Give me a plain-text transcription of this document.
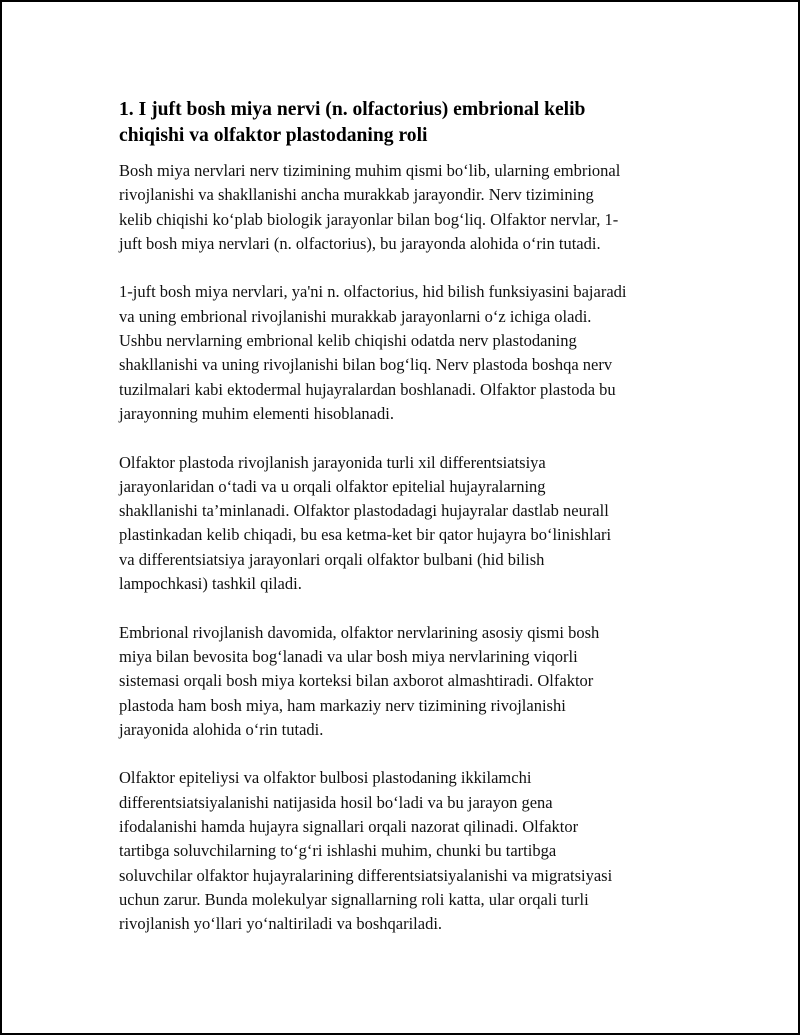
1. I juft bosh miya nervi (n. olfactorius) embrional kelib
chiqishi va olfaktor plastodaning roli

Bosh miya nervlari nerv tizimining muhim qismi bo‘lib, ularning embrional
rivojlanishi va shakllanishi ancha murakkab jarayondir. Nerv tizimining
kelib chiqishi ko‘plab biologik jarayonlar bilan bog‘liq. Olfaktor nervlar, 1-
juft bosh miya nervlari (n. olfactorius), bu jarayonda alohida o‘rin tutadi.

1-juft bosh miya nervlari, ya'ni n. olfactorius, hid bilish funksiyasini bajaradi
va uning embrional rivojlanishi murakkab jarayonlarni o‘z ichiga oladi.
Ushbu nervlarning embrional kelib chiqishi odatda nerv plastodaning
shakllanishi va uning rivojlanishi bilan bog‘liq. Nerv plastoda boshqa nerv
tuzilmalari kabi ektodermal hujayralardan boshlanadi. Olfaktor plastoda bu
jarayonning muhim elementi hisoblanadi.

Olfaktor plastoda rivojlanish jarayonida turli xil differentsiatsiya
jarayonlaridan o‘tadi va u orqali olfaktor epitelial hujayralarning
shakllanishi ta’minlanadi. Olfaktor plastodadagi hujayralar dastlab neurall
plastinkadan kelib chiqadi, bu esa ketma-ket bir qator hujayra bo‘linishlari
va differentsiatsiya jarayonlari orqali olfaktor bulbani (hid bilish
lampochkasi) tashkil qiladi.

Embrional rivojlanish davomida, olfaktor nervlarining asosiy qismi bosh
miya bilan bevosita bog‘lanadi va ular bosh miya nervlarining viqorli
sistemasi orqali bosh miya korteksi bilan axborot almashtiradi. Olfaktor
plastoda ham bosh miya, ham markaziy nerv tizimining rivojlanishi
jarayonida alohida o‘rin tutadi.

Olfaktor epiteliysi va olfaktor bulbosi plastodaning ikkilamchi
differentsiatsiyalanishi natijasida hosil bo‘ladi va bu jarayon gena
ifodalanishi hamda hujayra signallari orqali nazorat qilinadi. Olfaktor
tartibga soluvchilarning to‘g‘ri ishlashi muhim, chunki bu tartibga
soluvchilar olfaktor hujayralarining differentsiatsiyalanishi va migratsiyasi
uchun zarur. Bunda molekulyar signallarning roli katta, ular orqali turli
rivojlanish yo‘llari yo‘naltiriladi va boshqariladi.
